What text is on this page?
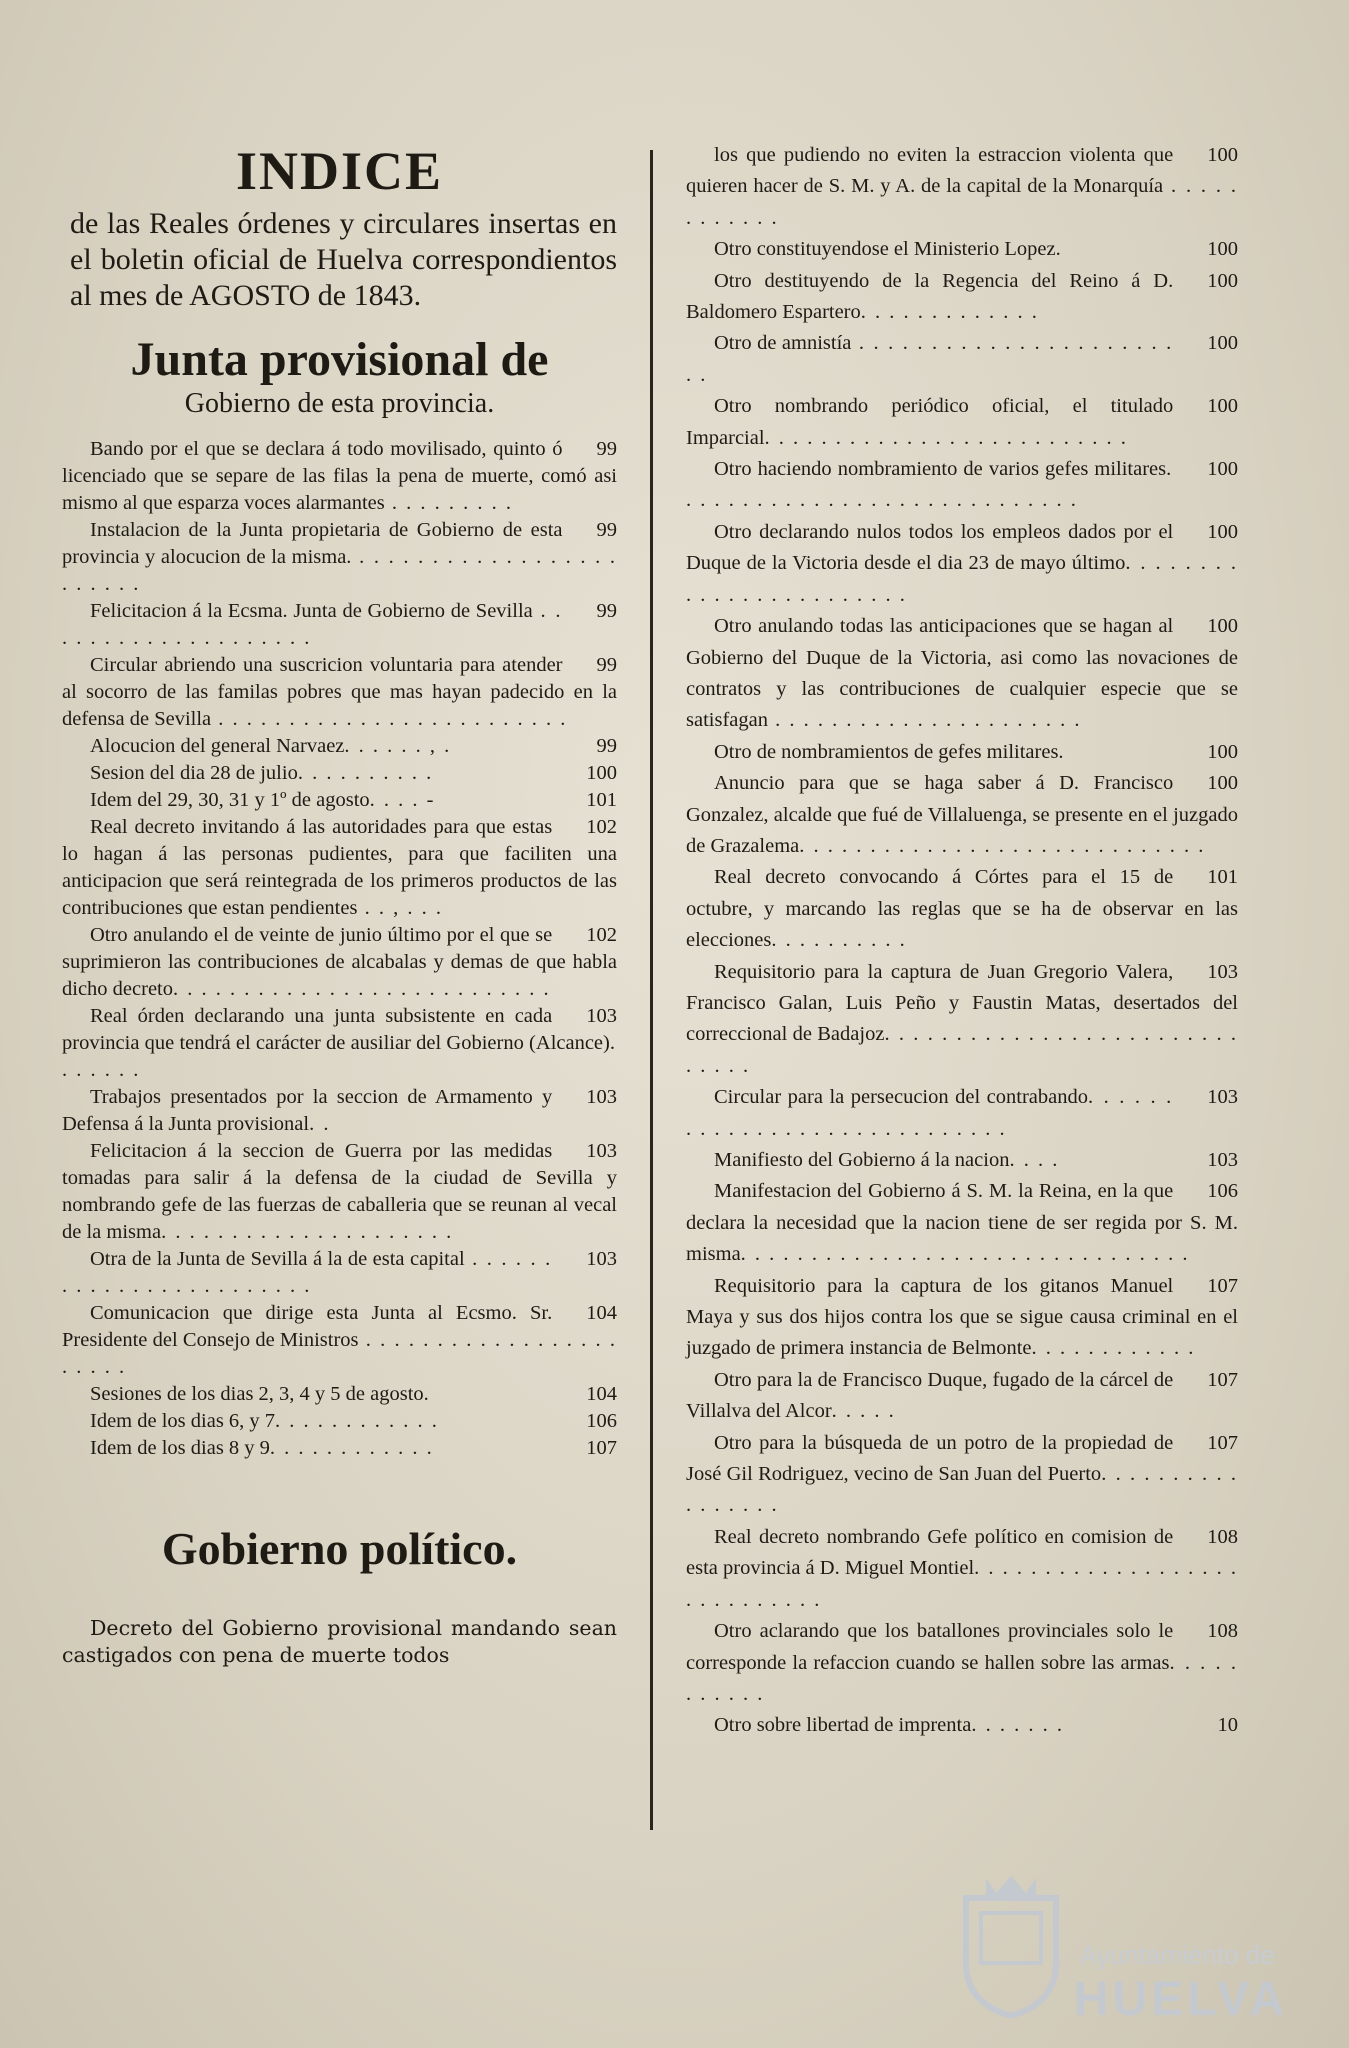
INDICE
de las Reales órdenes y circulares insertas en el boletin oficial de Huelva correspondientos al mes de AGOSTO de 1843.
Junta provisional de
Gobierno de esta provincia.

99
Bando por el que se declara á todo movilisado, quinto ó licenciado que se separe de las filas la pena de muerte, comó asi mismo al que esparza voces alarmantes . . . . . . . . .

99
Instalacion de la Junta propietaria de Gobierno de esta provincia y alocucion de la misma. . . . . . . . . . . . . . . . . . . . . . . . .

99
Felicitacion á la Ecsma. Junta de Gobierno de Sevilla . . . . . . . . . . . . . . . . . . . .

99
Circular abriendo una suscricion voluntaria para atender al socorro de las familas pobres que mas hayan padecido en la defensa de Sevilla . . . . . . . . . . . . . . . . . . . . . . . . .

99
Alocucion del general Narvaez. . . . . . , .

100
Sesion del dia 28 de julio. . . . . . . . . .

101
Idem del 29, 30, 31 y 1º de agosto. . . . -

102
Real decreto invitando á las autoridades para que estas lo hagan á las personas pudientes, para que faciliten una anticipacion que será reintegrada de los primeros productos de las contribuciones que estan pendientes . . , . . .

102
Otro anulando el de veinte de junio último por el que se suprimieron las contribuciones de alcabalas y demas de que habla dicho decreto. . . . . . . . . . . . . . . . . . . . . . . . . . .

103
Real órden declarando una junta subsistente en cada provincia que tendrá el carácter de ausiliar del Gobierno (Alcance). . . . . . .

103
Trabajos presentados por la seccion de Armamento y Defensa á la Junta provisional. .

103
Felicitacion á la seccion de Guerra por las medidas tomadas para salir á la defensa de la ciudad de Sevilla y nombrando gefe de las fuerzas de caballeria que se reunan al vecal de la misma. . . . . . . . . . . . . . . . . . . . .

103
Otra de la Junta de Sevilla á la de esta capital . . . . . . . . . . . . . . . . . . . . . . . .

104
Comunicacion que dirige esta Junta al Ecsmo. Sr. Presidente del Consejo de Ministros . . . . . . . . . . . . . . . . . . . . . . .

104
Sesiones de los dias 2, 3, 4 y 5 de agosto.

106
Idem de los dias 6, y 7. . . . . . . . . . . .

107
Idem de los dias 8 y 9. . . . . . . . . . . .

Gobierno político.

Decreto del Gobierno provisional mandando sean castigados con pena de muerte todos

100
los que pudiendo no eviten la estraccion violenta que quieren hacer de S. M. y A. de la capital de la Monarquía . . . . . . . . . . . .

100
Otro constituyendose el Ministerio Lopez.

100
Otro destituyendo de la Regencia del Reino á D. Baldomero Espartero. . . . . . . . . . . . .

100
Otro de amnistía . . . . . . . . . . . . . . . . . . . . . . . .

100
Otro nombrando periódico oficial, el titulado Imparcial. . . . . . . . . . . . . . . . . . . . . . . . . .

100
Otro haciendo nombramiento de varios gefes militares. . . . . . . . . . . . . . . . . . . . . . . . . . . . .

100
Otro declarando nulos todos los empleos dados por el Duque de la Victoria desde el dia 23 de mayo último. . . . . . . . . . . . . . . . . . . . . . . .

100
Otro anulando todas las anticipaciones que se hagan al Gobierno del Duque de la Victoria, asi como las novaciones de contratos y las contribuciones de cualquier especie que se satisfagan . . . . . . . . . . . . . . . . . . . . . .

100
Otro de nombramientos de gefes militares.

100
Anuncio para que se haga saber á D. Francisco Gonzalez, alcalde que fué de Villaluenga, se presente en el juzgado de Grazalema. . . . . . . . . . . . . . . . . . . . . . . . . . . . .

101
Real decreto convocando á Córtes para el 15 de octubre, y marcando las reglas que se ha de observar en las elecciones. . . . . . . . . .

103
Requisitorio para la captura de Juan Gregorio Valera, Francisco Galan, Luis Peño y Faustin Matas, desertados del correccional de Badajoz. . . . . . . . . . . . . . . . . . . . . . . . . . . . . .

103
Circular para la persecucion del contrabando. . . . . . . . . . . . . . . . . . . . . . . . . . . . .

103
Manifiesto del Gobierno á la nacion. . . .

106
Manifestacion del Gobierno á S. M. la Reina, en la que declara la necesidad que la nacion tiene de ser regida por S. M. misma. . . . . . . . . . . . . . . . . . . . . . . . . . . . . . . .

107
Requisitorio para la captura de los gitanos Manuel Maya y sus dos hijos contra los que se sigue causa criminal en el juzgado de primera instancia de Belmonte. . . . . . . . . . . .

107
Otro para la de Francisco Duque, fugado de la cárcel de Villalva del Alcor. . . . .

107
Otro para la búsqueda de un potro de la propiedad de José Gil Rodriguez, vecino de San Juan del Puerto. . . . . . . . . . . . . . . . .

108
Real decreto nombrando Gefe político en comision de esta provincia á D. Miguel Montiel. . . . . . . . . . . . . . . . . . . . . . . . . . . . .

108
Otro aclarando que los batallones provinciales solo le corresponde la refaccion cuando se hallen sobre las armas. . . . . . . . . . .

10
Otro sobre libertad de imprenta. . . . . . .

Ayuntamiento de
HUELVA
